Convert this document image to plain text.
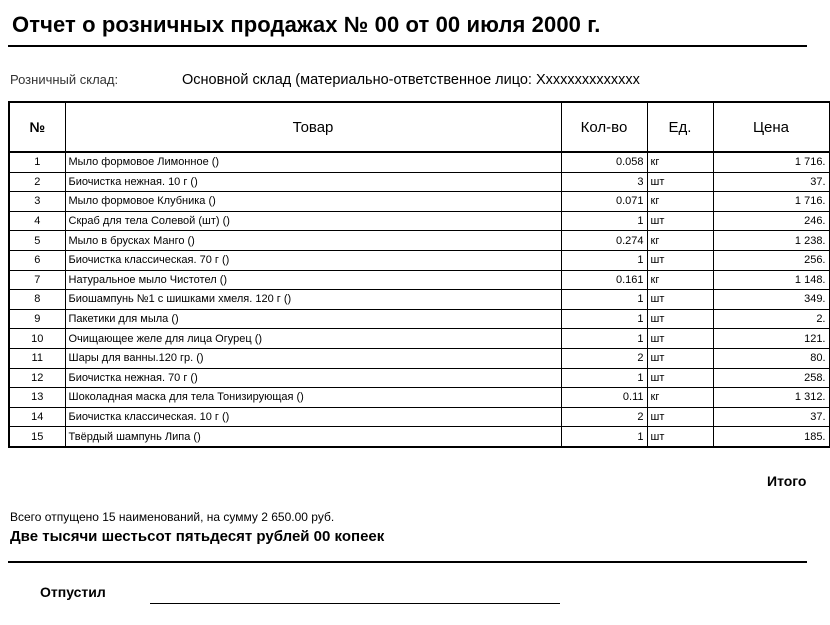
Отчет о розничных продажах № 00 от 00 июля 2000 г.
Розничный склад:	Основной склад (материально-ответственное лицо: Хххххххххххххх
№	Товар	Кол-во	Ед.	Цена
1	Мыло формовое Лимонное ()	0.058	кг	1 716.
2	Биочистка нежная. 10 г ()	3	шт	37.
3	Мыло формовое Клубника ()	0.071	кг	1 716.
4	Скраб для тела Солевой (шт) ()	1	шт	246.
5	Мыло в брусках Манго ()	0.274	кг	1 238.
6	Биочистка классическая. 70 г ()	1	шт	256.
7	Натуральное мыло Чистотел ()	0.161	кг	1 148.
8	Биошампунь №1 с шишками хмеля. 120 г ()	1	шт	349.
9	Пакетики для мыла ()	1	шт	2.
10	Очищающее желе для лица Огурец ()	1	шт	121.
11	Шары для ванны.120 гр. ()	2	шт	80.
12	Биочистка нежная. 70 г ()	1	шт	258.
13	Шоколадная маска для тела Тонизирующая ()	0.11	кг	1 312.
14	Биочистка классическая. 10 г ()	2	шт	37.
15	Твёрдый шампунь Липа ()	1	шт	185.
Итого
Всего отпущено 15 наименований, на сумму 2 650.00 руб.
Две тысячи шестьсот пятьдесят рублей 00 копеек
Отпустил
